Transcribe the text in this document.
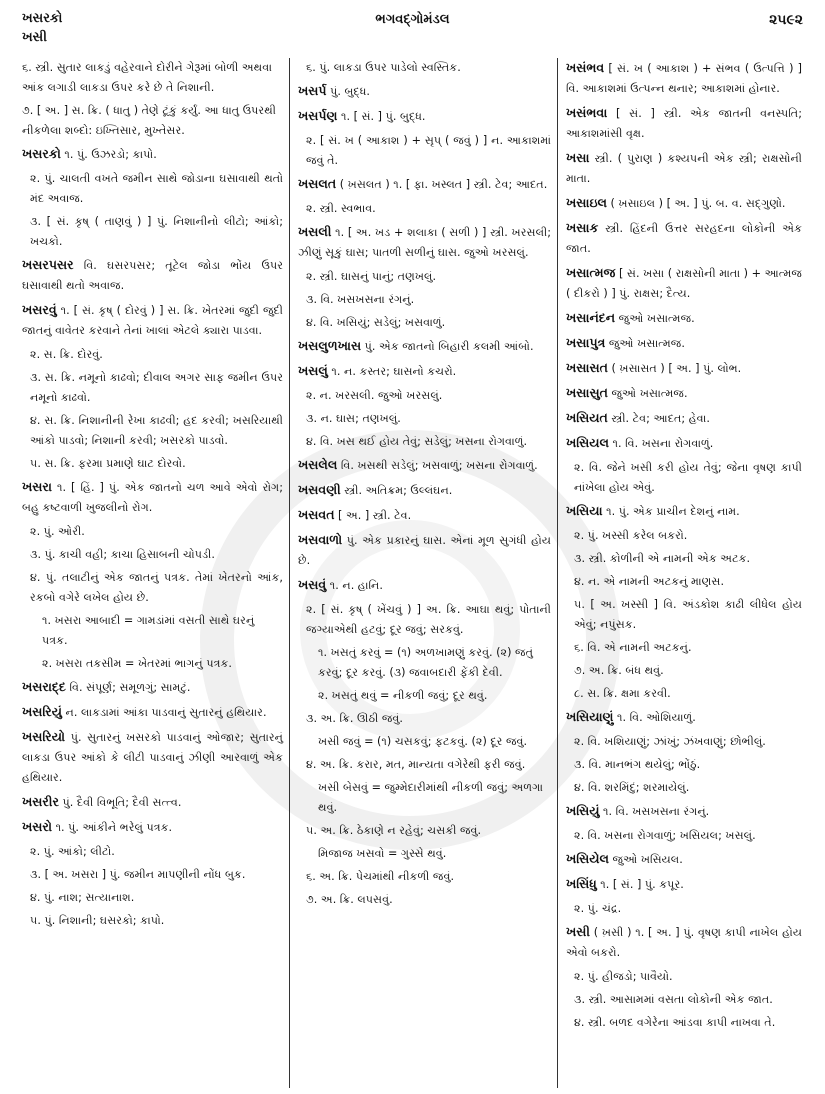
ખસરકો
ખસી
ભગવદ્ગોમંડલ	૨૫૯૨
૬. સ્ત્રી. સુતાર લાકડું વહેરવાને દોરીને ગેરૂમાં બોળી અથવા આંક લગાડી લાકડા ઉપર કરે છે તે નિશાની.
૭. [ અ. ] સ. ક્રિ. ( ધાતુ ) તેણે ટૂંકું કર્યું. આ ધાતુ ઉપરથી નીકળેલા શબ્દો: ઇખ્તિસાર, મુખ્તેસર.
ખસરકો ૧. પું. ઉઝરડો; કાપો.
૨. પું. ચાલતી વખતે જમીન સાથે જોડાના ઘસાવાથી થતો મંદ અવાજ.
૩. [ સં. કૃષ્ ( તાણવું ) ] પું. નિશાનીનો લીટો; આંકો; ખચકો.
ખસરપસર વિ. ઘસરપસર; તૂટેલ જોડા ભોંય ઉપર ઘસાવાથી થતો અવાજ.
ખસરવું ૧. [ સં. કૃષ્ ( દોરવું ) ] સ. ક્રિ. ખેતરમાં જુદી જુદી જાતનું વાવેતર કરવાને તેનાં ખાલાં એટલે ક્યારા પાડવા.
૨. સ. ક્રિ. દોરવું.
૩. સ. ક્રિ. નમૂનો કાઢવો; દીવાલ અગર સાફ જમીન ઉપર નમૂનો કાઢવો.
૪. સ. ક્રિ. નિશાનીની રેખા કાઢવી; હદ કરવી; ખસરિયાથી આંકો પાડવો; નિશાની કરવી; ખસરકો પાડવો.
૫. સ. ક્રિ. ફરમા પ્રમાણે ઘાટ દોરવો.
ખસરા ૧. [ હિં. ] પું. એક જાતનો ચળ આવે એવો રોગ; બહુ કષ્ટવાળી ખુજલીનો રોગ.
૨. પું. ઓરી.
૩. પું. કાચી વહી; કાચા હિસાબની ચોપડી.
૪. પું. તલાટીનું એક જાતનું પત્રક. તેમાં ખેતરનો આંક, રકબો વગેરે લખેલ હોય છે.
૧. ખસરા આબાદી = ગામડાંમાં વસતી સાથે ઘરનું પત્રક.
૨. ખસરા તકસીમ = ખેતરમાં ભાગનું પત્રક.
ખસરાદ્દ વિ. સંપૂર્ણ; સમૂળગું; સામટું.
ખસરિયું ન. લાકડામાં આંકા પાડવાનું સુતારનું હથિયાર.
ખસરિયો પું. સુતારનું ખસરકો પાડવાનું ઓજાર; સુતારનું લાકડા ઉપર આંકો કે લીટી પાડવાનું ઝીણી આરવાળું એક હથિયાર.
ખસરીર પું. દૈવી વિભૂતિ; દૈવી સત્ત્વ.
ખસરો ૧. પું. આંકીને ભરેલું પત્રક.
૨. પું. આંકો; લીટો.
૩. [ અ. ખસરા ] પું. જમીન માપણીની નોંધ બુક.
૪. પું. નાશ; સત્યાનાશ.
૫. પું. નિશાની; ઘસરકો; કાપો.
૬. પું. લાકડા ઉપર પાડેલો સ્વસ્તિક.
ખસર્પ પું. બુદ્ધ.
ખસર્પણ ૧. [ સં. ] પું. બુદ્ધ.
૨. [ સં. ખ ( આકાશ ) + સૃપ્ ( જવું ) ] ન. આકાશમાં જવું તે.
ખસલત ( ખ઼સલત ) ૧. [ ફા. ખસ્લત ] સ્ત્રી. ટેવ; આદત.
૨. સ્ત્રી. સ્વભાવ.
ખસલી ૧. [ અ. ખડ + શલાકા ( સળી ) ] સ્ત્રી. ખરસલી; ઝીણું સૂકું ઘાસ; પાતળી સળીનું ઘાસ. જુઓ ખરસલું.
૨. સ્ત્રી. ઘાસનું પાનું; તણખલું.
૩. વિ. ખસખસના રંગનું.
૪. વિ. ખસિયું; સડેલું; ખસવાળું.
ખસલુળખાસ પું. એક જાતનો બિહારી કલમી આંબો.
ખસલું ૧. ન. કસ્તર; ઘાસનો કચરો.
૨. ન. ખરસલી. જુઓ ખરસલું.
૩. ન. ઘાસ; તણખલું.
૪. વિ. ખસ થઈ હોય તેવું; સડેલું; ખસના રોગવાળું.
ખસલેલ વિ. ખસથી સડેલું; ખસવાળું; ખસના રોગવાળું.
ખસવણી સ્ત્રી. અતિક્રમ; ઉલ્લંઘન.
ખસવત [ અ. ] સ્ત્રી. ટેવ.
ખસવાળો પું. એક પ્રકારનું ઘાસ. એનાં મૂળ સુગંધી હોય છે.
ખસવું ૧. ન. હાનિ.
૨. [ સં. કૃષ્ ( ખેંચવું ) ] અ. ક્રિ. આઘા થવું; પોતાની જગ્યાએથી હટવું; દૂર જવું; સરકવું.
૧. ખસતું કરવું = (૧) અળખામણું કરવું. (૨) જતું કરવું; દૂર કરવું. (૩) જવાબદારી ફેંકી દેવી.
૨. ખસતું થવું = નીકળી જવું; દૂર થવું.
૩. અ. ક્રિ. ઊઠી જવું.
ખસી જવું = (૧) ચસકવું; ફટકવું. (૨) દૂર જવું.
૪. અ. ક્રિ. કરાર, મત, માન્યતા વગેરેથી ફરી જવું.
ખસી બેસવું = જુમ્મેદારીમાંથી નીકળી જવું; અળગા થવું.
૫. અ. ક્રિ. ઠેકાણે ન રહેવું; ચસકી જવું.
મિજાજ ખસવો = ગુસ્સે થવું.
૬. અ. ક્રિ. પેચમાંથી નીકળી જવું.
૭. અ. ક્રિ. લપસવું.
ખસંભવ [ સં. ખ ( આકાશ ) + સંભવ ( ઉત્પત્તિ ) ] વિ. આકાશમાં ઉત્પન્ન થનાર; આકાશમાં હોનાર.
ખસંભવા [ સં. ] સ્ત્રી. એક જાતની વનસ્પતિ; આકાશમાંસી વૃક્ષ.
ખસા સ્ત્રી. ( પુરાણ ) કશ્યપની એક સ્ત્રી; રાક્ષસોની માતા.
ખસાઇલ ( ખ઼સાઇલ ) [ અ. ] પું. બ. વ. સદ્ગુણો.
ખસાક સ્ત્રી. હિંદની ઉત્તર સરહદના લોકોની એક જાત.
ખસાત્મજ [ સં. ખસા ( રાક્ષસોની માતા ) + આત્મજ ( દીકરો ) ] પું. રાક્ષસ; દૈત્ય.
ખસાનંદન જુઓ ખસાત્મજ.
ખસાપુત્ર જુઓ ખસાત્મજ.
ખસાસત ( ખ઼સાસત ) [ અ. ] પું. લોભ.
ખસાસુત જુઓ ખસાત્મજ.
ખસિયત સ્ત્રી. ટેવ; આદત; હેવા.
ખસિયલ ૧. વિ. ખસના રોગવાળું.
૨. વિ. જેને ખસી કરી હોય તેવું; જેના વૃષણ કાપી નાંખેલા હોય એવું.
ખસિયા ૧. પું. એક પ્રાચીન દેશનું નામ.
૨. પું. ખસ્સી કરેલ બકરો.
૩. સ્ત્રી. કોળીની એ નામની એક અટક.
૪. ન. એ નામની અટકનું માણસ.
૫. [ અ. ખસ્સી ] વિ. અંડકોશ કાઢી લીધેલ હોય એવું; નપુંસક.
૬. વિ. એ નામની અટકનું.
૭. અ. ક્રિ. બંધ થવું.
૮. સ. ક્રિ. ક્ષમા કરવી.
ખસિયાણું ૧. વિ. ઓશિયાળું.
૨. વિ. ખશિયાણું; ઝાંખું; ઝંખવાણું; છોભીલું.
૩. વિ. માનભંગ થયેલું; ભોંઠું.
૪. વિ. શરમિંદું; શરમાયેલું.
ખસિયું ૧. વિ. ખસખસના રંગનું.
૨. વિ. ખસના રોગવાળું; ખસિયલ; ખસલું.
ખસિયેલ જુઓ ખસિયલ.
ખસિંધુ ૧. [ સં. ] પું. કપૂર.
૨. પું. ચંદ્ર.
ખસી ( ખ઼સી ) ૧. [ અ. ] પું. વૃષણ કાપી નાખેલ હોય એવો બકરો.
૨. પું. હીજડો; પાવૈયો.
૩. સ્ત્રી. આસામમાં વસતા લોકોની એક જાત.
૪. સ્ત્રી. બળદ વગેરેના આંડવા કાપી નાખવા તે.
